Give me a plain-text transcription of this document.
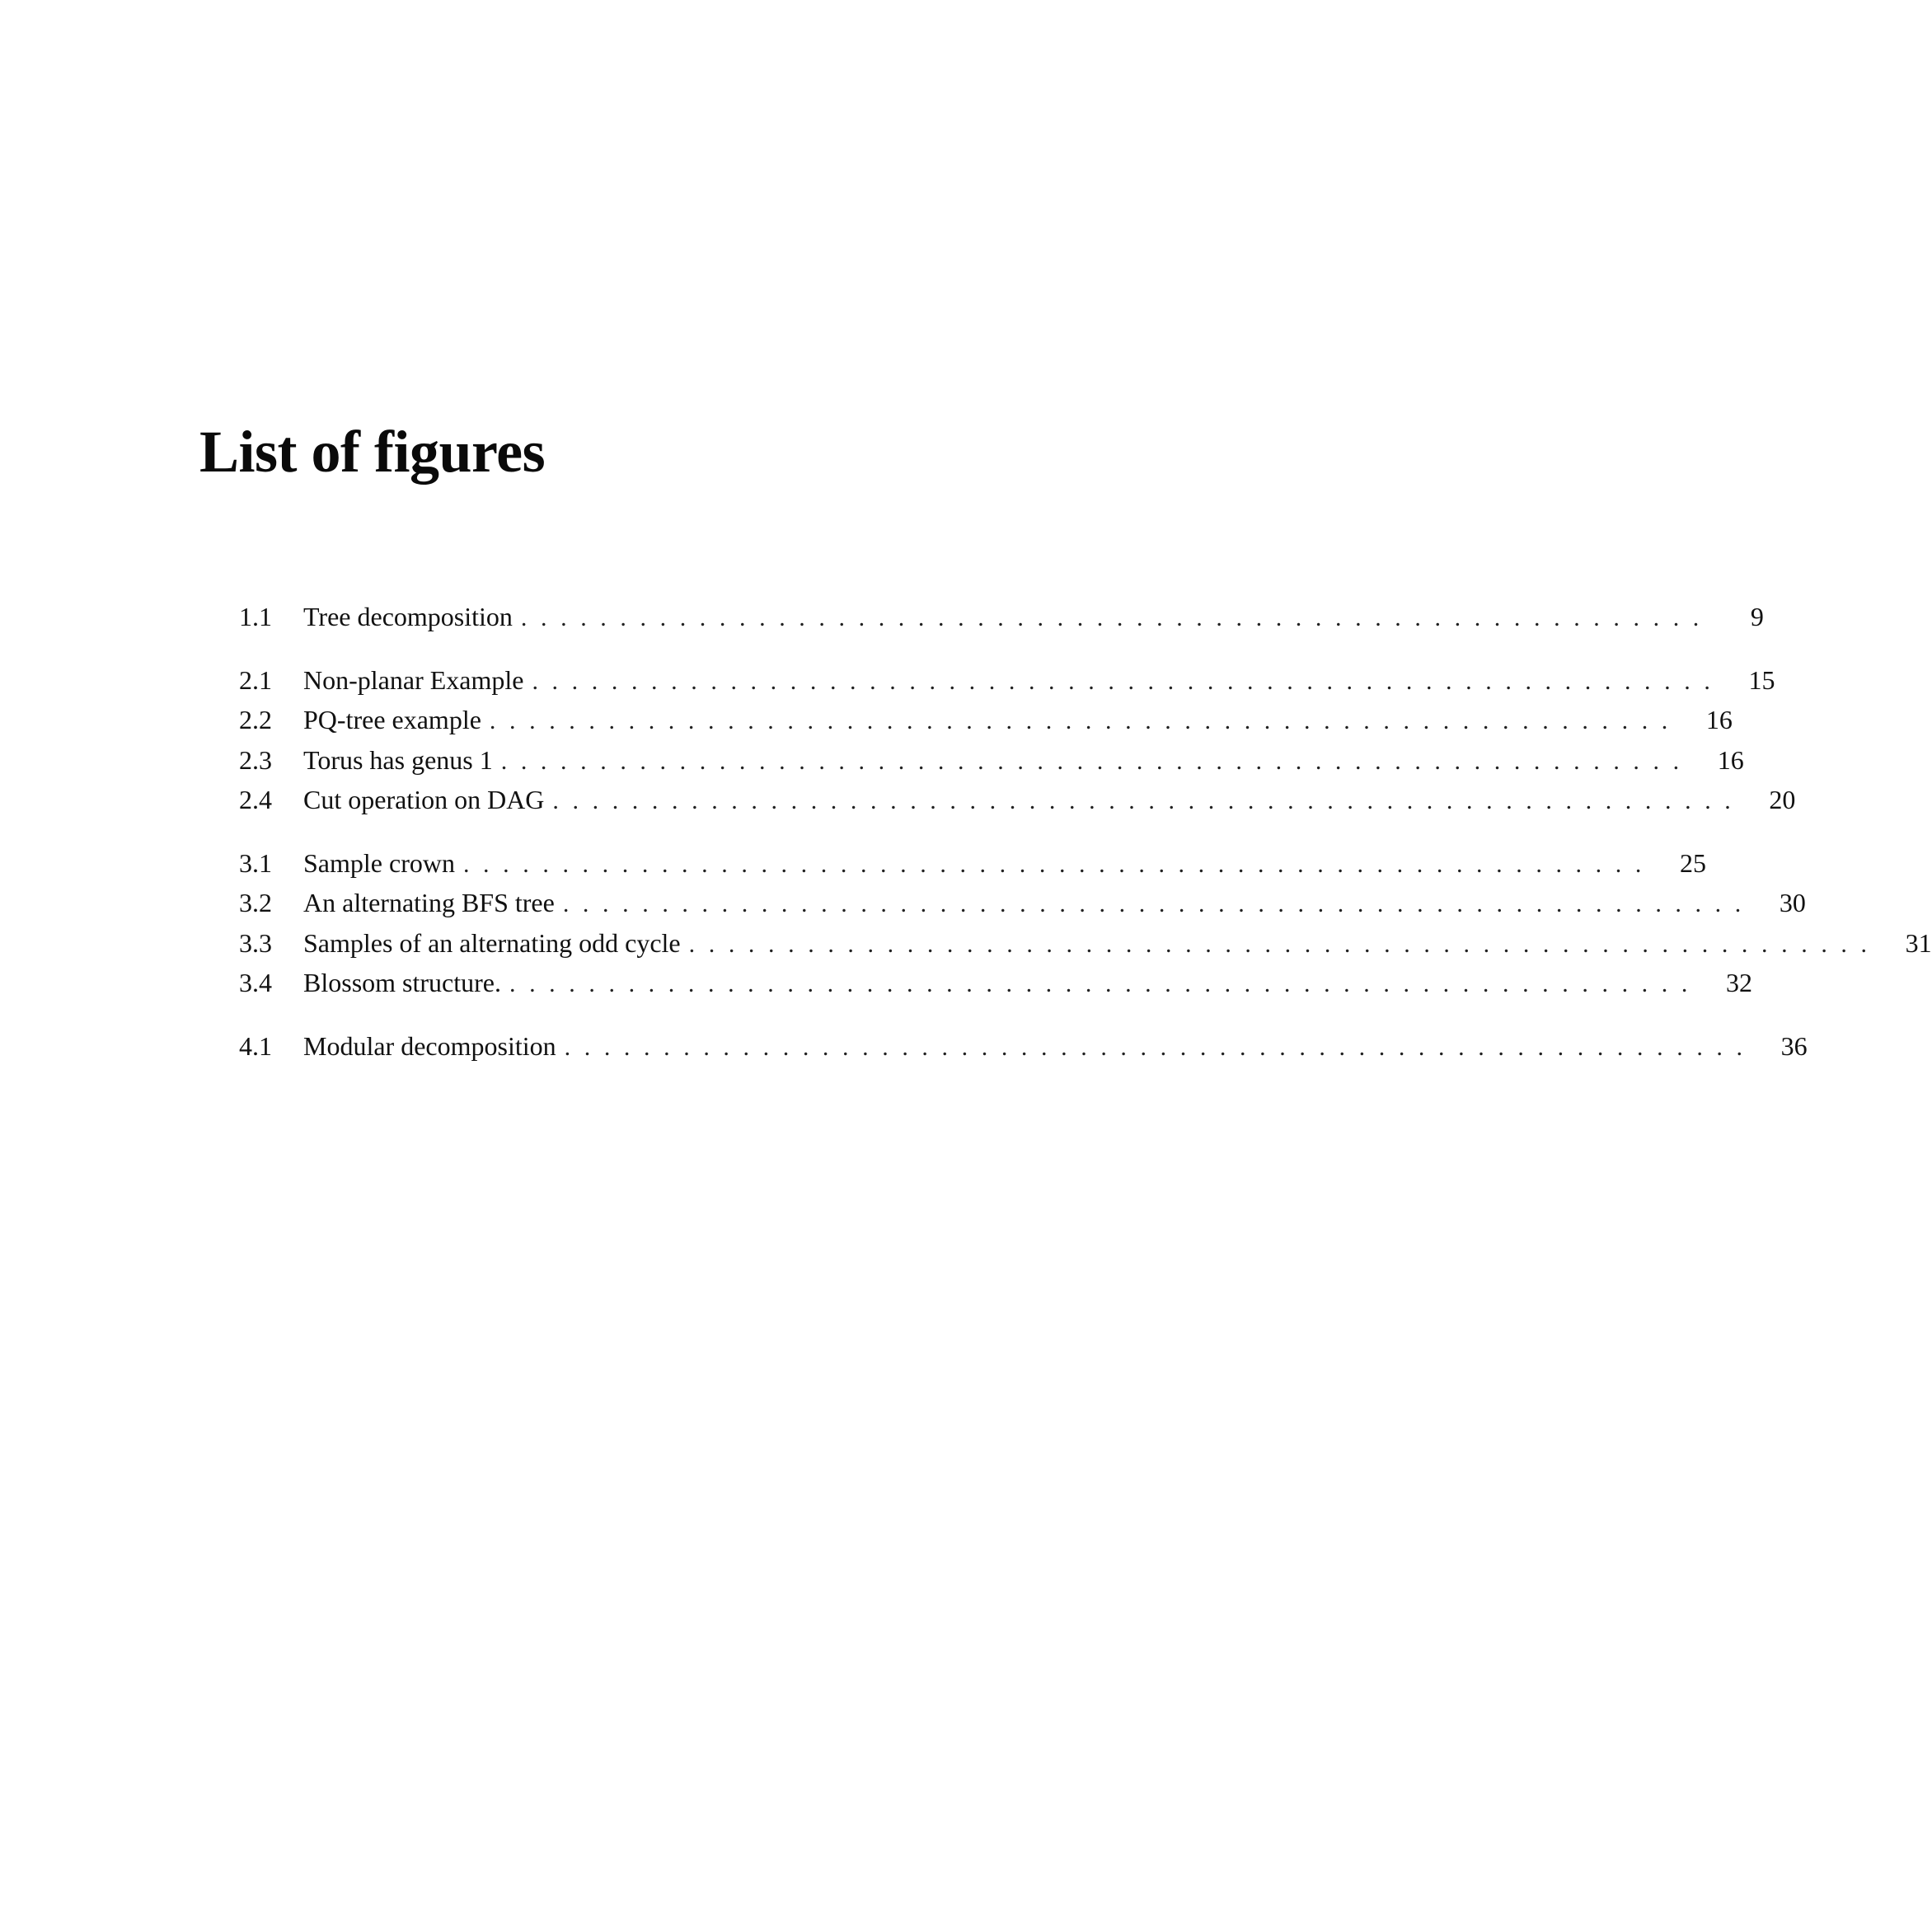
List of figures
1.1	Tree decomposition ............................................................	9
2.1	Non-planar Example ............................................................ 15
2.2	PQ-tree example ............................................................ 16
2.3	Torus has genus 1 ............................................................ 16
2.4	Cut operation on DAG ............................................................ 20
3.1	Sample crown ............................................................ 25
3.2	An alternating BFS tree ............................................................ 30
3.3	Samples of an alternating odd cycle ............................................................ 31
3.4	Blossom structure. ............................................................ 32
4.1	Modular decomposition ............................................................ 36
